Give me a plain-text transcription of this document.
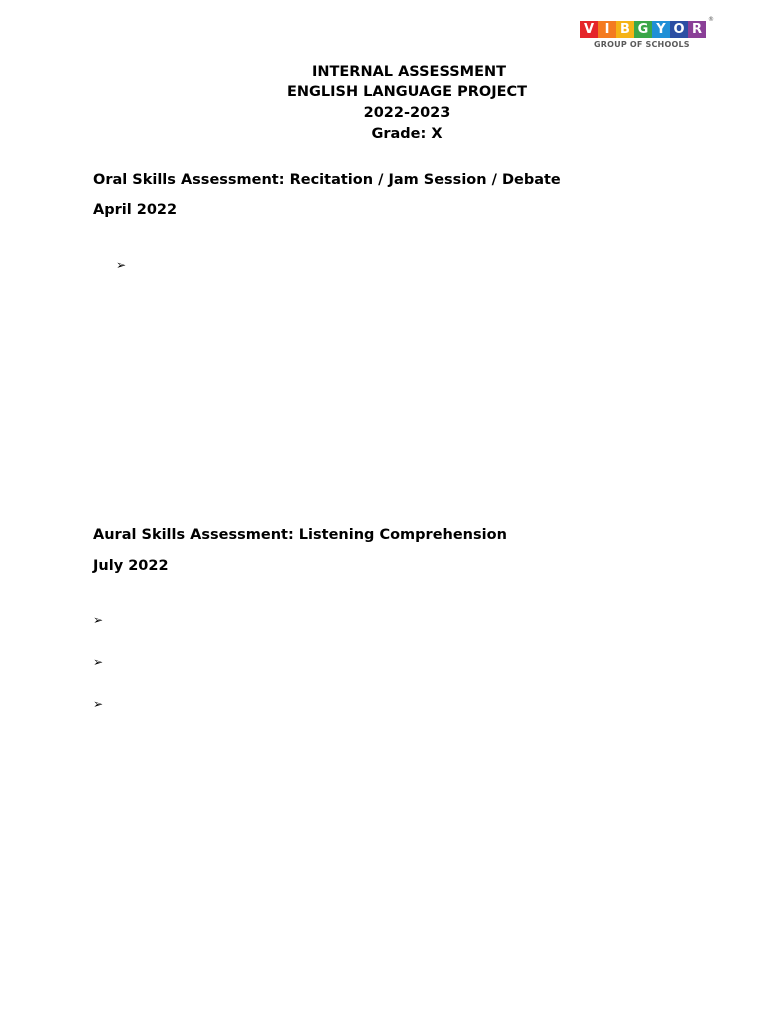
V I B G Y O R
®
GROUP OF SCHOOLS
INTERNAL ASSESSMENT
ENGLISH LANGUAGE PROJECT
2022-2023
Grade: X
Oral Skills Assessment: Recitation / Jam Session / Debate
April 2022
➢
Aural Skills Assessment: Listening Comprehension
July 2022
➢
➢
➢
